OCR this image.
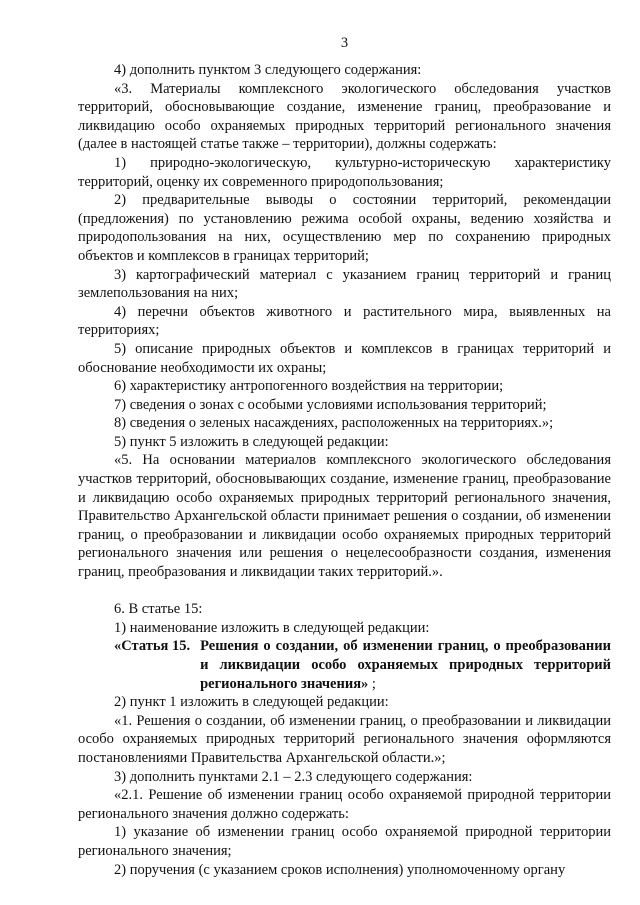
3

4) дополнить пунктом 3 следующего содержания:

«3. Материалы комплексного экологического обследования участков территорий, обосновывающие создание, изменение границ, преобразование и ликвидацию особо охраняемых природных территорий регионального значения (далее в настоящей статье также – территории), должны содержать:

1) природно-экологическую, культурно-историческую характеристику территорий, оценку их современного природопользования;

2) предварительные выводы о состоянии территорий, рекомендации (предложения) по установлению режима особой охраны, ведению хозяйства и природопользования на них, осуществлению мер по сохранению природных объектов и комплексов в границах территорий;

3) картографический материал с указанием границ территорий и границ землепользования на них;

4) перечни объектов животного и растительного мира, выявленных на территориях;

5) описание природных объектов и комплексов в границах территорий и обоснование необходимости их охраны;

6) характеристику антропогенного воздействия на территории;

7) сведения о зонах с особыми условиями использования территорий;

8) сведения о зеленых насаждениях, расположенных на территориях.»;

5) пункт 5 изложить в следующей редакции:

«5. На основании материалов комплексного экологического обследования участков территорий, обосновывающих создание, изменение границ, преобразование и ликвидацию особо охраняемых природных территорий регионального значения, Правительство Архангельской области принимает решения о создании, об изменении границ, о преобразовании и ликвидации особо охраняемых природных территорий регионального значения или решения о нецелесообразности создания, изменения границ, преобразования и ликвидации таких территорий.».

6. В статье 15:

1) наименование изложить в следующей редакции:

«Статья 15. Решения о создании, об изменении границ, о преобразовании и ликвидации особо охраняемых природных территорий регионального значения» ;

2) пункт 1 изложить в следующей редакции:

«1. Решения о создании, об изменении границ, о преобразовании и ликвидации особо охраняемых природных территорий регионального значения оформляются постановлениями Правительства Архангельской области.»;

3) дополнить пунктами 2.1 – 2.3 следующего содержания:

«2.1. Решение об изменении границ особо охраняемой природной территории регионального значения должно содержать:

1) указание об изменении границ особо охраняемой природной территории регионального значения;

2) поручения (с указанием сроков исполнения) уполномоченному органу
